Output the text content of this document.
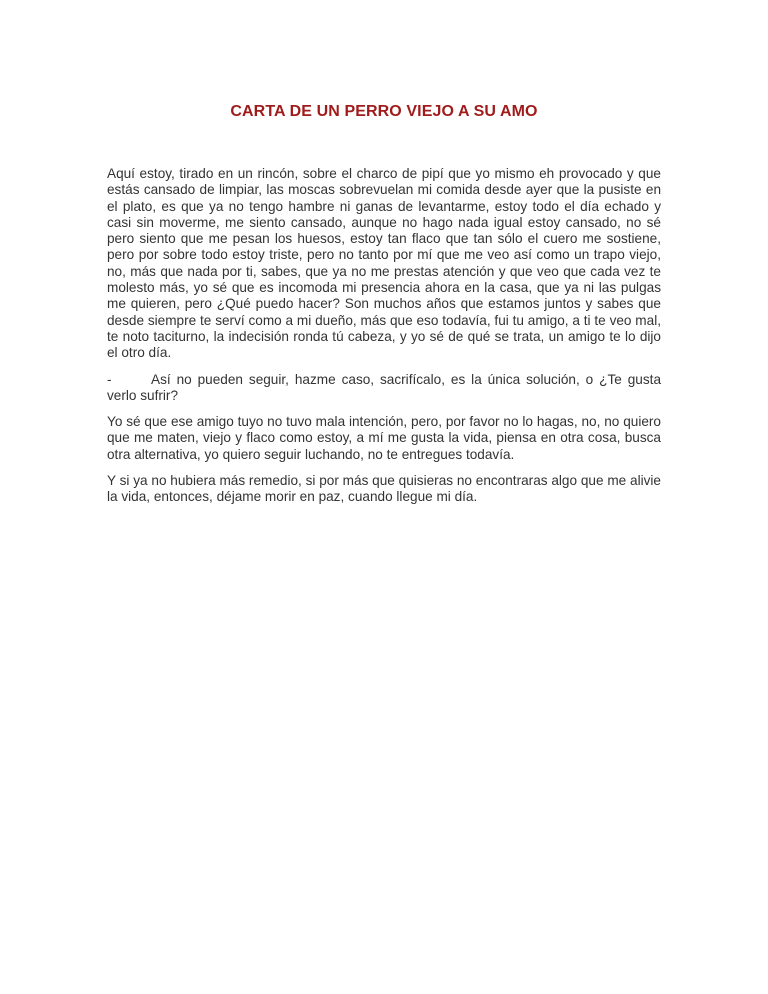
CARTA DE UN PERRO VIEJO A SU AMO

Aquí estoy, tirado en un rincón, sobre el charco de pipí que yo mismo eh provocado y que estás cansado de limpiar, las moscas sobrevuelan mi comida desde ayer que la pusiste en el plato, es que ya no tengo hambre ni ganas de levantarme, estoy todo el día echado y casi sin moverme, me siento cansado, aunque no hago nada igual estoy cansado, no sé pero siento que me pesan los huesos, estoy tan flaco que tan sólo el cuero me sostiene, pero por sobre todo estoy triste, pero no tanto por mí que me veo así como un trapo viejo, no, más que nada por ti, sabes, que ya no me prestas atención y que veo que cada vez te molesto más, yo sé que es incomoda mi presencia ahora en la casa, que ya ni las pulgas me quieren, pero ¿Qué puedo hacer? Son muchos años que estamos juntos y sabes que desde siempre te serví como a mi dueño, más que eso todavía, fui tu amigo, a ti te veo mal, te noto taciturno, la indecisión ronda tú cabeza, y yo sé de qué se trata, un amigo te lo dijo el otro día.

-	Así no pueden seguir, hazme caso, sacrifícalo, es la única solución, o ¿Te gusta verlo sufrir?

Yo sé que ese amigo tuyo no tuvo mala intención, pero, por favor no lo hagas, no, no quiero que me maten, viejo y flaco como estoy, a mí me gusta la vida, piensa en otra cosa, busca otra alternativa, yo quiero seguir luchando, no te entregues todavía.

Y si ya no hubiera más remedio, si por más que quisieras no encontraras algo que me alivie la vida, entonces, déjame morir en paz, cuando llegue mi día.
